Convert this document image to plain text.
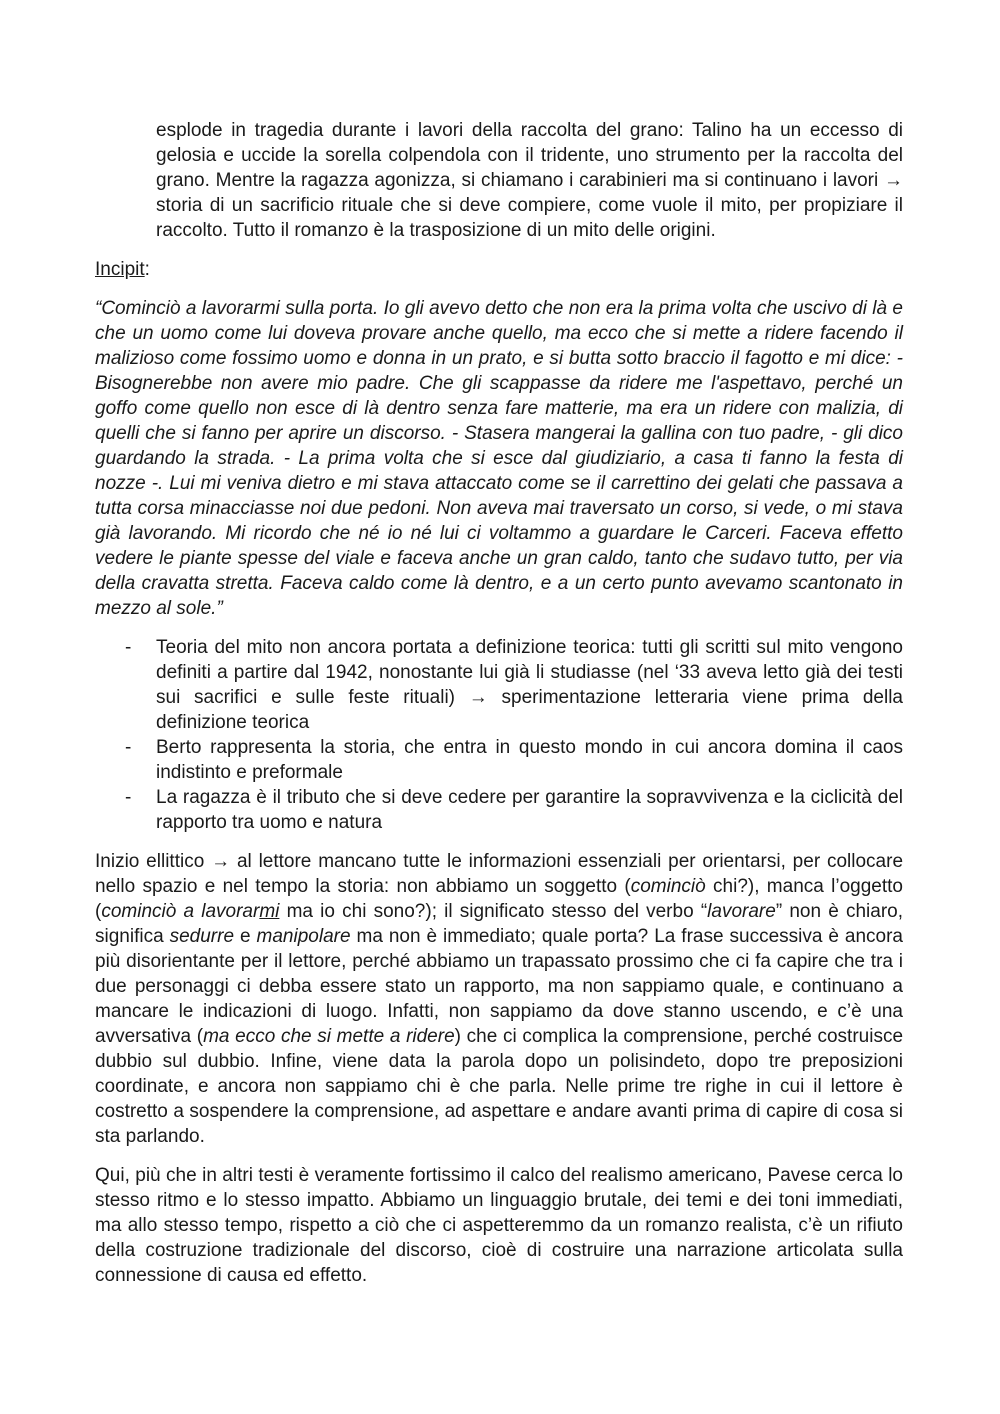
esplode in tragedia durante i lavori della raccolta del grano: Talino ha un eccesso di gelosia e uccide la sorella colpendola con il tridente, uno strumento per la raccolta del grano. Mentre la ragazza agonizza, si chiamano i carabinieri ma si continuano i lavori → storia di un sacrificio rituale che si deve compiere, come vuole il mito, per propiziare il raccolto. Tutto il romanzo è la trasposizione di un mito delle origini.

Incipit:

“Cominciò a lavorarmi sulla porta. Io gli avevo detto che non era la prima volta che uscivo di là e che un uomo come lui doveva provare anche quello, ma ecco che si mette a ridere facendo il malizioso come fossimo uomo e donna in un prato, e si butta sotto braccio il fagotto e mi dice: - Bisognerebbe non avere mio padre. Che gli scappasse da ridere me l'aspettavo, perché un goffo come quello non esce di là dentro senza fare matterie, ma era un ridere con malizia, di quelli che si fanno per aprire un discorso. - Stasera mangerai la gallina con tuo padre, - gli dico guardando la strada. - La prima volta che si esce dal giudiziario, a casa ti fanno la festa di nozze -. Lui mi veniva dietro e mi stava attaccato come se il carrettino dei gelati che passava a tutta corsa minacciasse noi due pedoni. Non aveva mai traversato un corso, si vede, o mi stava già lavorando. Mi ricordo che né io né lui ci voltammo a guardare le Carceri. Faceva effetto vedere le piante spesse del viale e faceva anche un gran caldo, tanto che sudavo tutto, per via della cravatta stretta. Faceva caldo come là dentro, e a un certo punto avevamo scantonato in mezzo al sole.”

- Teoria del mito non ancora portata a definizione teorica: tutti gli scritti sul mito vengono definiti a partire dal 1942, nonostante lui già li studiasse (nel ‘33 aveva letto già dei testi sui sacrifici e sulle feste rituali) → sperimentazione letteraria viene prima della definizione teorica
- Berto rappresenta la storia, che entra in questo mondo in cui ancora domina il caos indistinto e preformale
- La ragazza è il tributo che si deve cedere per garantire la sopravvivenza e la ciclicità del rapporto tra uomo e natura

Inizio ellittico → al lettore mancano tutte le informazioni essenziali per orientarsi, per collocare nello spazio e nel tempo la storia: non abbiamo un soggetto (cominciò chi?), manca l’oggetto (cominciò a lavorarmi ma io chi sono?); il significato stesso del verbo “lavorare” non è chiaro, significa sedurre e manipolare ma non è immediato; quale porta? La frase successiva è ancora più disorientante per il lettore, perché abbiamo un trapassato prossimo che ci fa capire che tra i due personaggi ci debba essere stato un rapporto, ma non sappiamo quale, e continuano a mancare le indicazioni di luogo. Infatti, non sappiamo da dove stanno uscendo, e c’è una avversativa (ma ecco che si mette a ridere) che ci complica la comprensione, perché costruisce dubbio sul dubbio. Infine, viene data la parola dopo un polisindeto, dopo tre preposizioni coordinate, e ancora non sappiamo chi è che parla. Nelle prime tre righe in cui il lettore è costretto a sospendere la comprensione, ad aspettare e andare avanti prima di capire di cosa si sta parlando.

Qui, più che in altri testi è veramente fortissimo il calco del realismo americano, Pavese cerca lo stesso ritmo e lo stesso impatto. Abbiamo un linguaggio brutale, dei temi e dei toni immediati, ma allo stesso tempo, rispetto a ciò che ci aspetteremmo da un romanzo realista, c’è un rifiuto della costruzione tradizionale del discorso, cioè di costruire una narrazione articolata sulla connessione di causa ed effetto.
